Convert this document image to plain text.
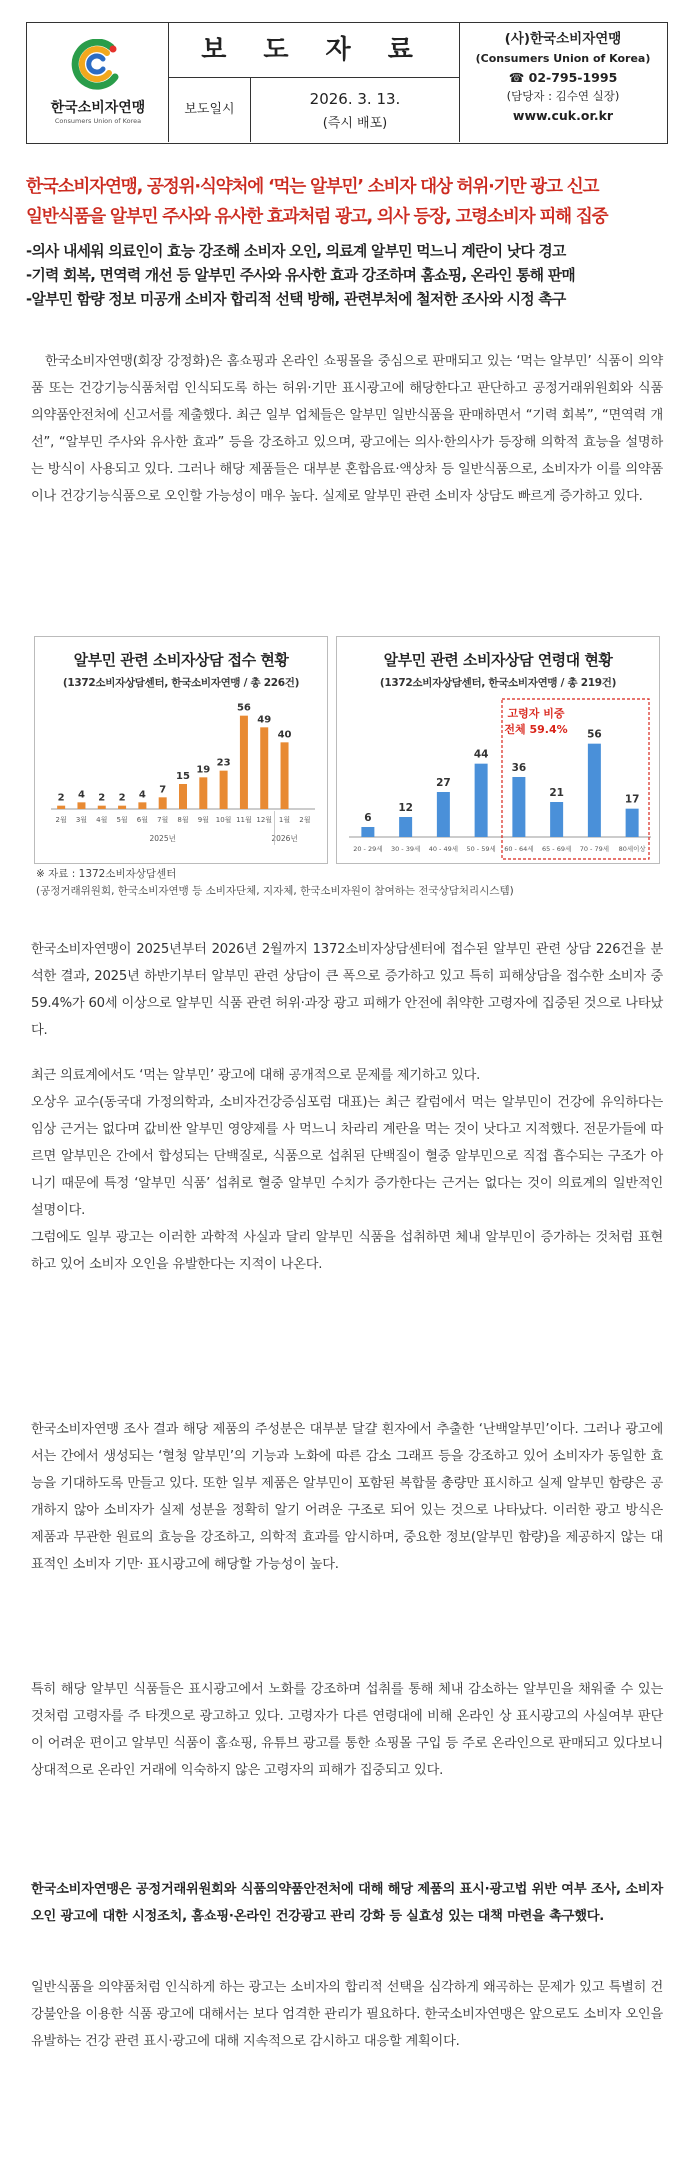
한국소비자연맹
Consumers Union of Korea
보 도 자 료
보도일시
2026. 3. 13.
(즉시 배포)
(사)한국소비자연맹
(Consumers Union of Korea)
☎ 02-795-1995
(담당자 : 김수연 실장)
www.cuk.or.kr
한국소비자연맹, 공정위·식약처에 ‘먹는 알부민’ 소비자 대상 허위·기만 광고 신고
일반식품을 알부민 주사와 유사한 효과처럼 광고, 의사 등장, 고령소비자 피해 집중
-의사 내세워 의료인이 효능 강조해 소비자 오인, 의료계 알부민 먹느니 계란이 낫다 경고
-기력 회복, 면역력 개선 등 알부민 주사와 유사한 효과 강조하며 홈쇼핑, 온라인 통해 판매
-알부민 함량 정보 미공개 소비자 합리적 선택 방해, 관련부처에 철저한 조사와 시정 촉구

한국소비자연맹(회장 강정화)은 홈쇼핑과 온라인 쇼핑몰을 중심으로 판매되고 있는 ‘먹는 알부민’ 식품이 의약품 또는 건강기능식품처럼 인식되도록 하는 허위·기만 표시광고에 해당한다고 판단하고 공정거래위원회와 식품의약품안전처에 신고서를 제출했다. 최근 일부 업체들은 알부민 일반식품을 판매하면서 “기력 회복”, “면역력 개선”, “알부민 주사와 유사한 효과” 등을 강조하고 있으며, 광고에는 의사·한의사가 등장해 의학적 효능을 설명하는 방식이 사용되고 있다. 그러나 해당 제품들은 대부분 혼합음료·액상차 등 일반식품으로, 소비자가 이를 의약품이나 건강기능식품으로 오인할 가능성이 매우 높다. 실제로 알부민 관련 소비자 상담도 빠르게 증가하고 있다.

알부민 관련 소비자상담 접수 현황
(1372소비자상담센터, 한국소비자연맹 / 총 226건)
2
2월
4
3월
2
4월
2
5월
4
6월
7
7월
15
8월
19
9월
23
10월
56
11월
49
12월
40
1월 2월
2025년	2026년
알부민 관련 소비자상담 연령대 현황
(1372소비자상담센터, 한국소비자연맹 / 총 219건)
고령자 비중
전체 59.4%
6
20 - 29세
12
30 - 39세
27
40 - 49세
44
50 - 59세
36
60 - 64세
21
65 - 69세
56
70 - 79세
17
80세이상
※ 자료 : 1372소비자상담센터
(공정거래위원회, 한국소비자연맹 등 소비자단체, 지자체, 한국소비자원이 참여하는 전국상담처리시스템)

한국소비자연맹이 2025년부터 2026년 2월까지 1372소비자상담센터에 접수된 알부민 관련 상담 226건을 분석한 결과, 2025년 하반기부터 알부민 관련 상담이 큰 폭으로 증가하고 있고 특히 피해상담을 접수한 소비자 중 59.4%가 60세 이상으로 알부민 식품 관련 허위·과장 광고 피해가 안전에 취약한 고령자에 집중된 것으로 나타났다.

최근 의료계에서도 ‘먹는 알부민’ 광고에 대해 공개적으로 문제를 제기하고 있다.

오상우 교수(동국대 가정의학과, 소비자건강증심포럼 대표)는 최근 칼럼에서 먹는 알부민이 건강에 유익하다는 임상 근거는 없다며 값비싼 알부민 영양제를 사 먹느니 차라리 계란을 먹는 것이 낫다고 지적했다. 전문가들에 따르면 알부민은 간에서 합성되는 단백질로, 식품으로 섭취된 단백질이 혈중 알부민으로 직접 흡수되는 구조가 아니기 때문에 특정 ‘알부민 식품’ 섭취로 혈중 알부민 수치가 증가한다는 근거는 없다는 것이 의료계의 일반적인 설명이다.

그럼에도 일부 광고는 이러한 과학적 사실과 달리 알부민 식품을 섭취하면 체내 알부민이 증가하는 것처럼 표현하고 있어 소비자 오인을 유발한다는 지적이 나온다.

한국소비자연맹 조사 결과 해당 제품의 주성분은 대부분 달걀 흰자에서 추출한 ‘난백알부민’이다. 그러나 광고에서는 간에서 생성되는 ‘혈청 알부민’의 기능과 노화에 따른 감소 그래프 등을 강조하고 있어 소비자가 동일한 효능을 기대하도록 만들고 있다. 또한 일부 제품은 알부민이 포함된 복합물 총량만 표시하고 실제 알부민 함량은 공개하지 않아 소비자가 실제 성분을 정확히 알기 어려운 구조로 되어 있는 것으로 나타났다. 이러한 광고 방식은 제품과 무관한 원료의 효능을 강조하고, 의학적 효과를 암시하며, 중요한 정보(알부민 함량)을 제공하지 않는 대표적인 소비자 기만· 표시광고에 해당할 가능성이 높다.

특히 해당 알부민 식품들은 표시광고에서 노화를 강조하며 섭취를 통해 체내 감소하는 알부민을 채워줄 수 있는 것처럼 고령자를 주 타겟으로 광고하고 있다. 고령자가 다른 연령대에 비해 온라인 상 표시광고의 사실여부 판단이 어려운 편이고 알부민 식품이 홈쇼핑, 유튜브 광고를 통한 쇼핑몰 구입 등 주로 온라인으로 판매되고 있다보니 상대적으로 온라인 거래에 익숙하지 않은 고령자의 피해가 집중되고 있다.

한국소비자연맹은 공정거래위원회와 식품의약품안전처에 대해 해당 제품의 표시·광고법 위반 여부 조사, 소비자 오인 광고에 대한 시정조치, 홈쇼핑·온라인 건강광고 관리 강화 등 실효성 있는 대책 마련을 촉구했다.

일반식품을 의약품처럼 인식하게 하는 광고는 소비자의 합리적 선택을 심각하게 왜곡하는 문제가 있고 특별히 건강불안을 이용한 식품 광고에 대해서는 보다 엄격한 관리가 필요하다. 한국소비자연맹은 앞으로도 소비자 오인을 유발하는 건강 관련 표시·광고에 대해 지속적으로 감시하고 대응할 계획이다.
